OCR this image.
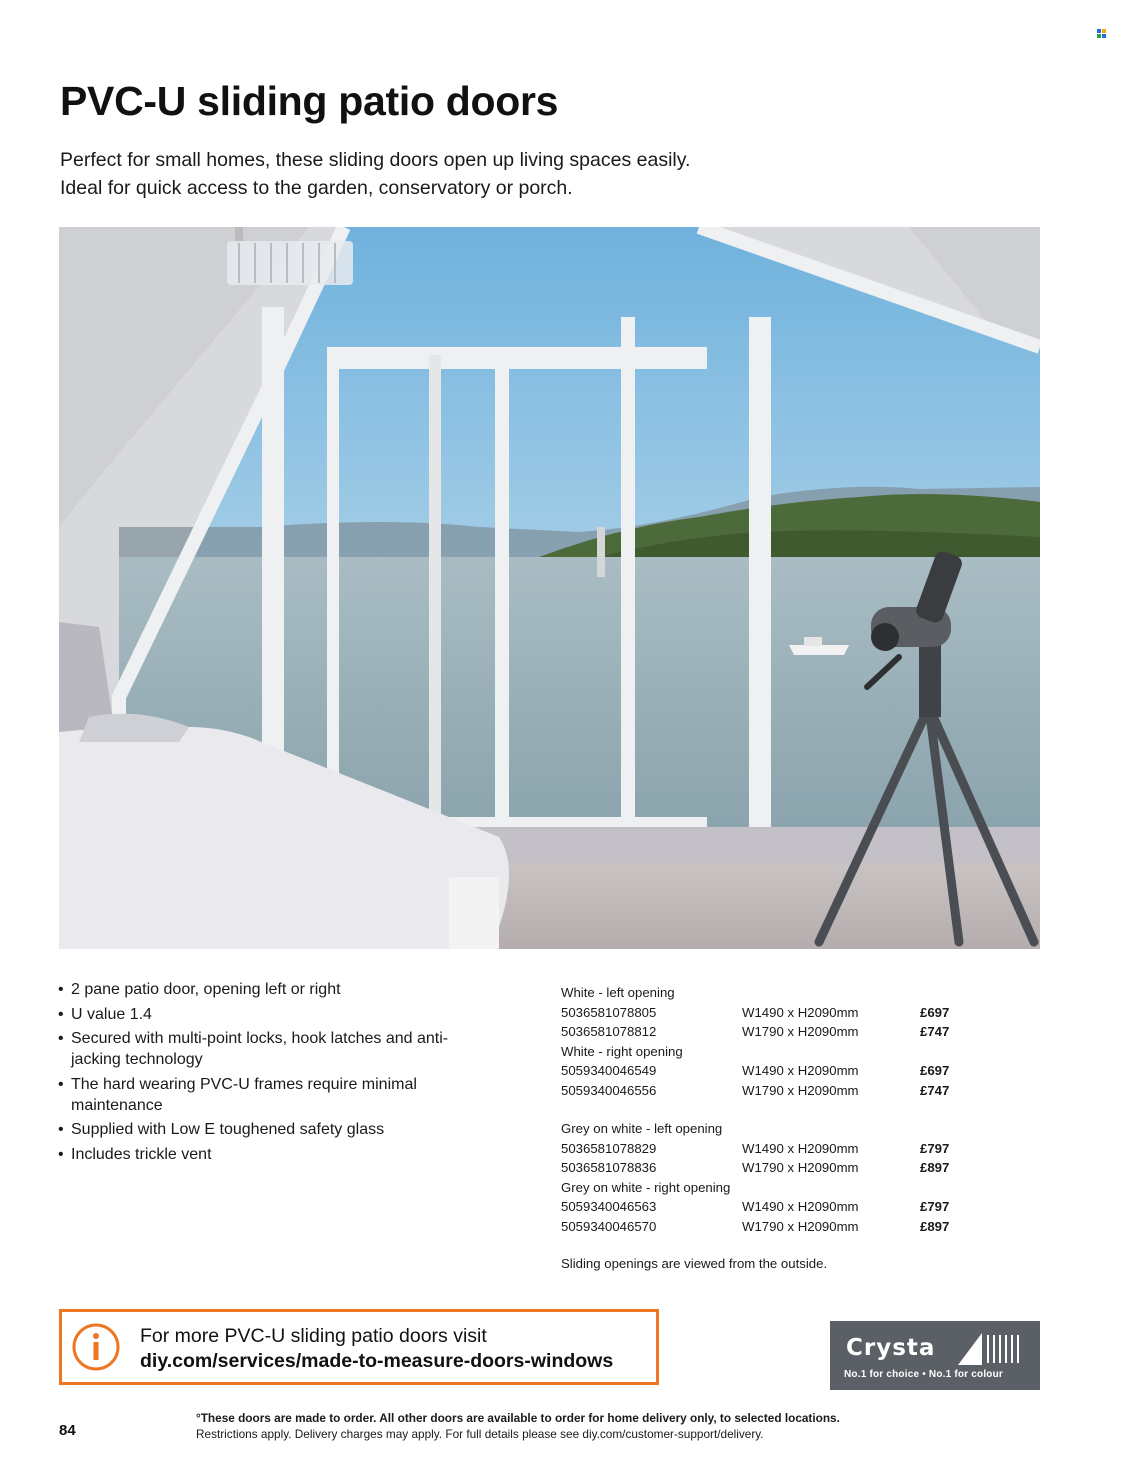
PVC-U sliding patio doors
Perfect for small homes, these sliding doors open up living spaces easily.
Ideal for quick access to the garden, conservatory or porch.
• 2 pane patio door, opening left or right
• U value 1.4
• Secured with multi-point locks, hook latches and anti-jacking technology
• The hard wearing PVC-U frames require minimal maintenance
• Supplied with Low E toughened safety glass
• Includes trickle vent
White - left opening
5036581078805	W1490 x H2090mm	£697
5036581078812	W1790 x H2090mm	£747
White - right opening
5059340046549	W1490 x H2090mm	£697
5059340046556	W1790 x H2090mm	£747
Grey on white - left opening
5036581078829	W1490 x H2090mm	£797
5036581078836	W1790 x H2090mm	£897
Grey on white - right opening
5059340046563	W1490 x H2090mm	£797
5059340046570	W1790 x H2090mm	£897
Sliding openings are viewed from the outside.
For more PVC-U sliding patio doors visit
diy.com/services/made-to-measure-doors-windows	Crysta
No.1 for choice • No.1 for colour
84
°These doors are made to order. All other doors are available to order for home delivery only, to selected locations.
Restrictions apply. Delivery charges may apply. For full details please see diy.com/customer-support/delivery.
